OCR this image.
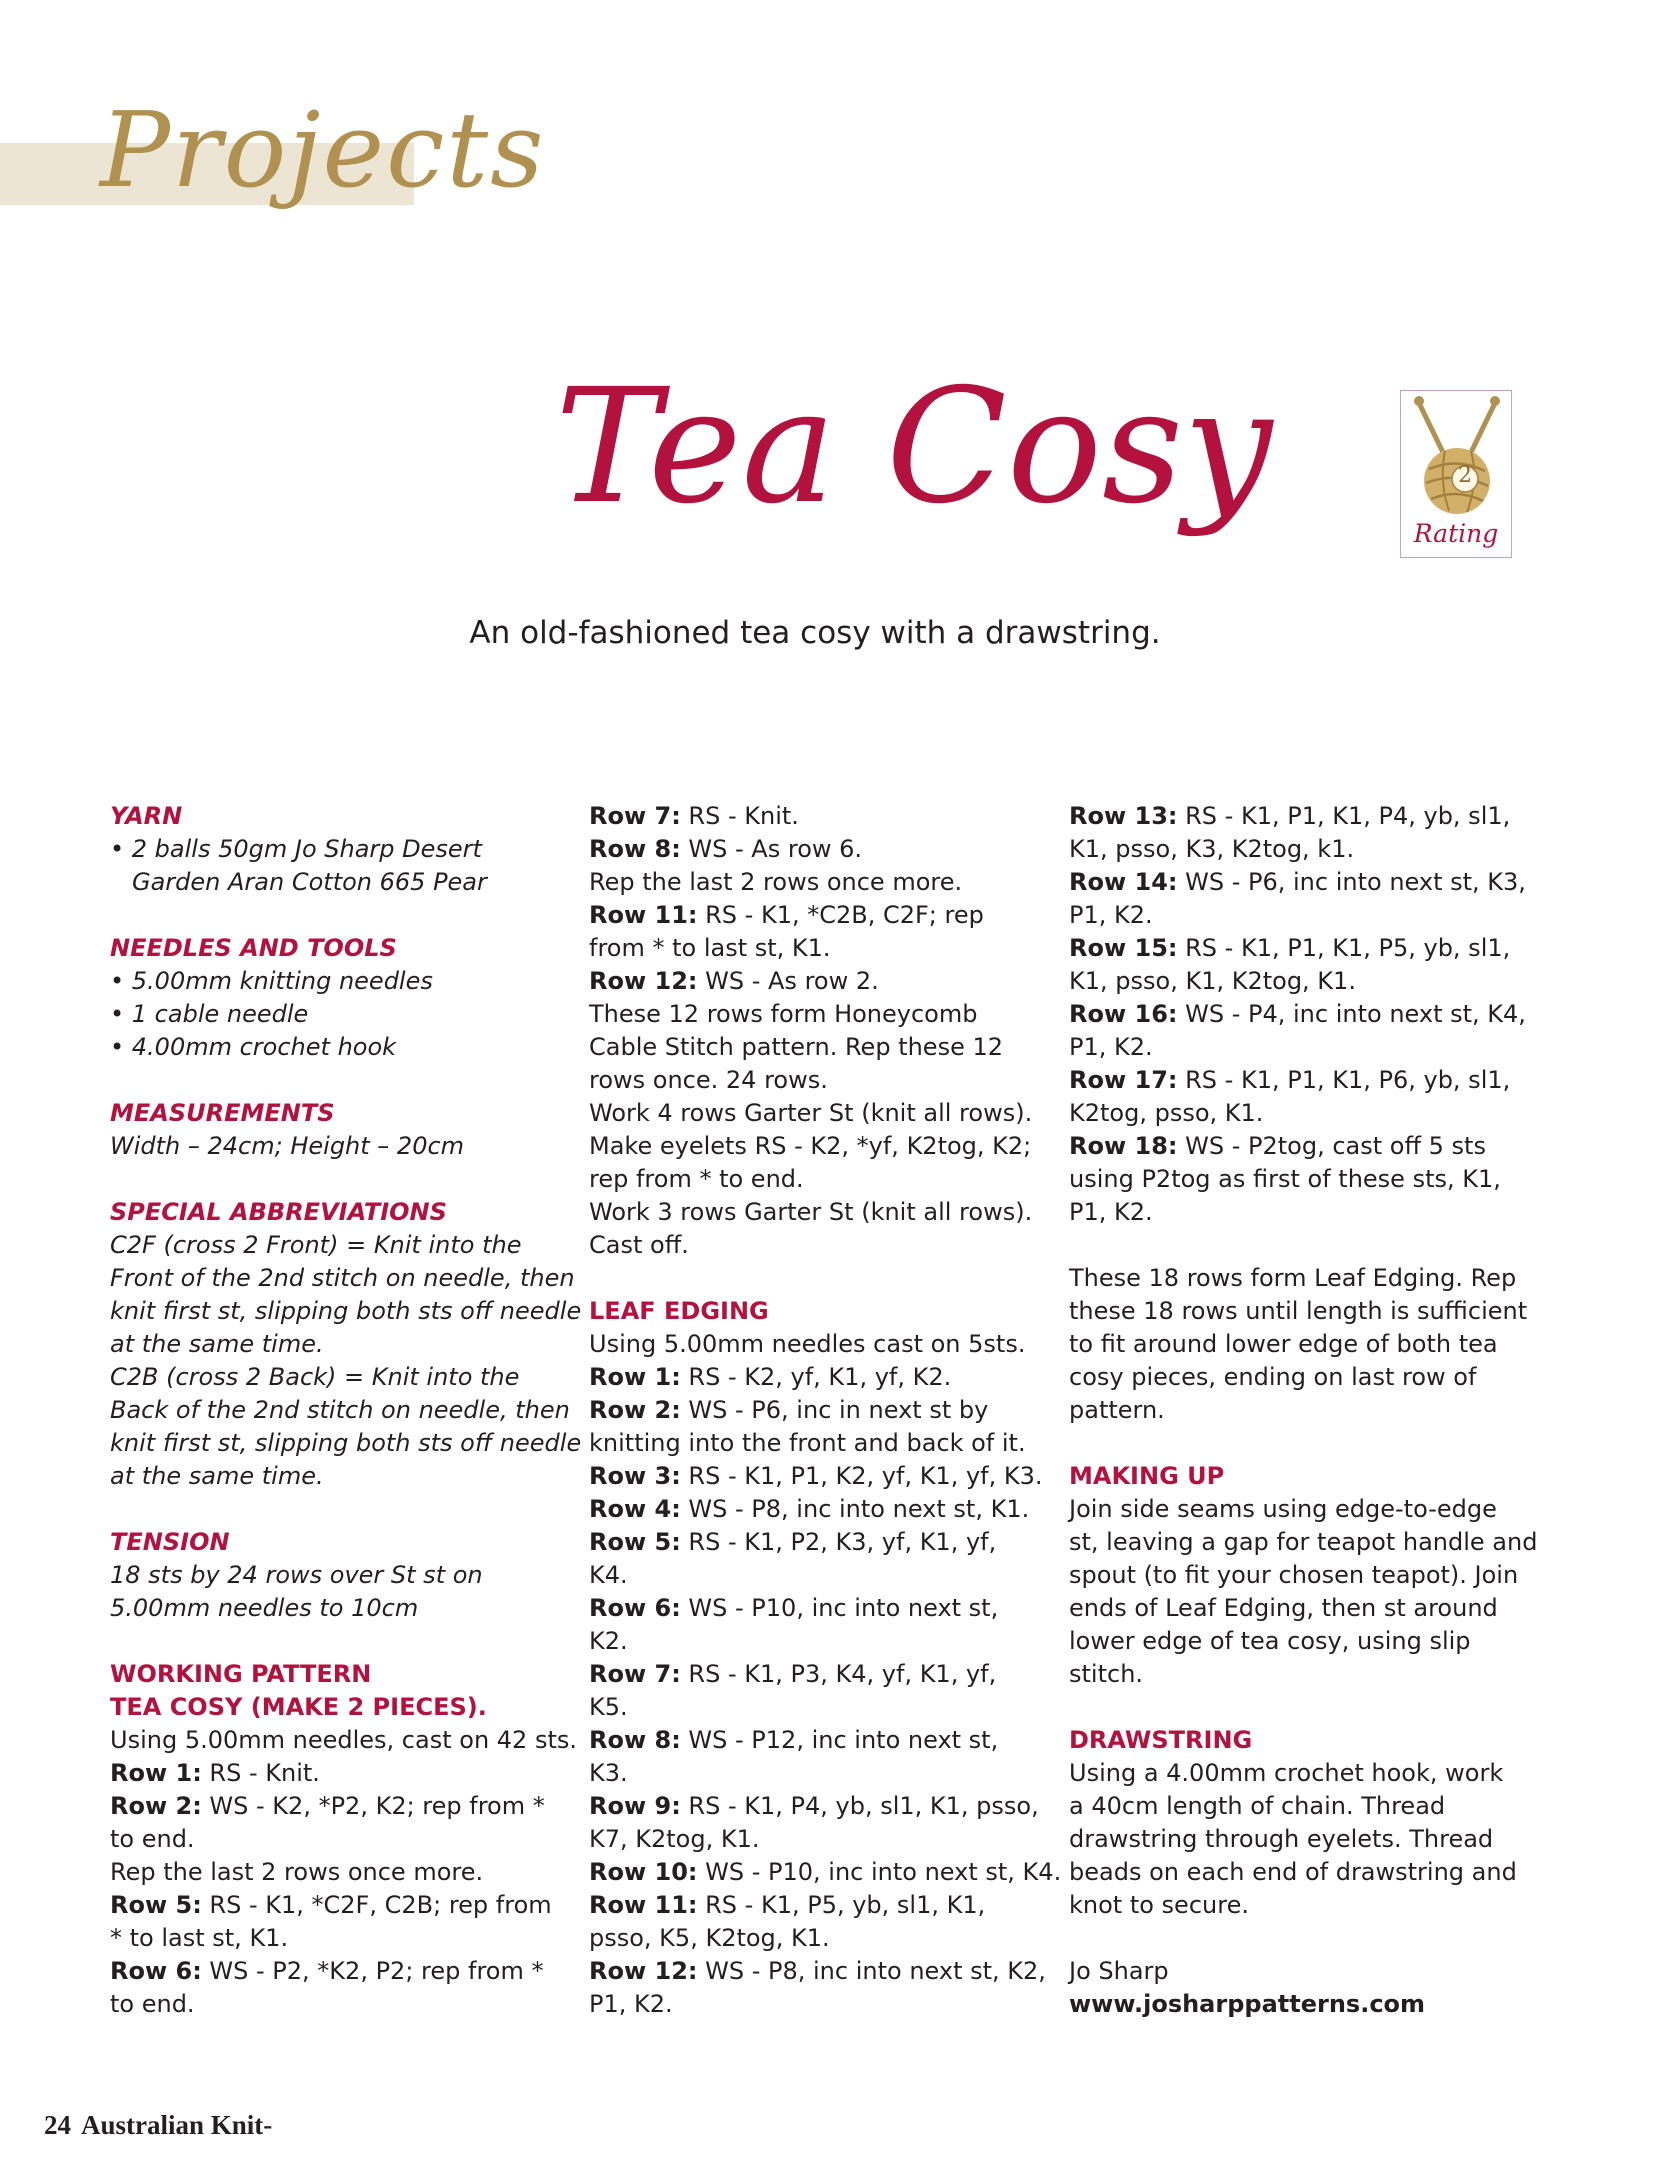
Projects
Tea Cosy	2
Rating
An old-fashioned tea cosy with a drawstring.
YARN
• 2 balls 50gm Jo Sharp Desert
Garden Aran Cotton 665 Pear
NEEDLES AND TOOLS
• 5.00mm knitting needles
• 1 cable needle
• 4.00mm crochet hook
MEASUREMENTS
Width – 24cm; Height – 20cm
SPECIAL ABBREVIATIONS
C2F (cross 2 Front) = Knit into the
Front of the 2nd stitch on needle, then
knit first st, slipping both sts off needle
at the same time.
C2B (cross 2 Back) = Knit into the
Back of the 2nd stitch on needle, then
knit first st, slipping both sts off needle
at the same time.
TENSION
18 sts by 24 rows over St st on
5.00mm needles to 10cm
WORKING PATTERN
TEA COSY (MAKE 2 PIECES).
Using 5.00mm needles, cast on 42 sts.
Row 1: RS - Knit.
Row 2: WS - K2, *P2, K2; rep from *
to end.
Rep the last 2 rows once more.
Row 5: RS - K1, *C2F, C2B; rep from
* to last st, K1.
Row 6: WS - P2, *K2, P2; rep from *
to end.
Row 7: RS - Knit.
Row 8: WS - As row 6.
Rep the last 2 rows once more.
Row 11: RS - K1, *C2B, C2F; rep
from * to last st, K1.
Row 12: WS - As row 2.
These 12 rows form Honeycomb
Cable Stitch pattern. Rep these 12
rows once. 24 rows.
Work 4 rows Garter St (knit all rows).
Make eyelets RS - K2, *yf, K2tog, K2;
rep from * to end.
Work 3 rows Garter St (knit all rows).
Cast off.
LEAF EDGING
Using 5.00mm needles cast on 5sts.
Row 1: RS - K2, yf, K1, yf, K2.
Row 2: WS - P6, inc in next st by
knitting into the front and back of it.
Row 3: RS - K1, P1, K2, yf, K1, yf, K3.
Row 4: WS - P8, inc into next st, K1.
Row 5: RS - K1, P2, K3, yf, K1, yf,
K4.
Row 6: WS - P10, inc into next st,
K2.
Row 7: RS - K1, P3, K4, yf, K1, yf,
K5.
Row 8: WS - P12, inc into next st,
K3.
Row 9: RS - K1, P4, yb, sl1, K1, psso,
K7, K2tog, K1.
Row 10: WS - P10, inc into next st, K4.
Row 11: RS - K1, P5, yb, sl1, K1,
psso, K5, K2tog, K1.
Row 12: WS - P8, inc into next st, K2,
P1, K2.
Row 13: RS - K1, P1, K1, P4, yb, sl1,
K1, psso, K3, K2tog, k1.
Row 14: WS - P6, inc into next st, K3,
P1, K2.
Row 15: RS - K1, P1, K1, P5, yb, sl1,
K1, psso, K1, K2tog, K1.
Row 16: WS - P4, inc into next st, K4,
P1, K2.
Row 17: RS - K1, P1, K1, P6, yb, sl1,
K2tog, psso, K1.
Row 18: WS - P2tog, cast off 5 sts
using P2tog as first of these sts, K1,
P1, K2.
These 18 rows form Leaf Edging. Rep
these 18 rows until length is sufficient
to fit around lower edge of both tea
cosy pieces, ending on last row of
pattern.
MAKING UP
Join side seams using edge-to-edge
st, leaving a gap for teapot handle and
spout (to fit your chosen teapot). Join
ends of Leaf Edging, then st around
lower edge of tea cosy, using slip
stitch.
DRAWSTRING
Using a 4.00mm crochet hook, work
a 40cm length of chain. Thread
drawstring through eyelets. Thread
beads on each end of drawstring and
knot to secure.
Jo Sharp
www.josharppatterns.com
24 Australian Knit-
